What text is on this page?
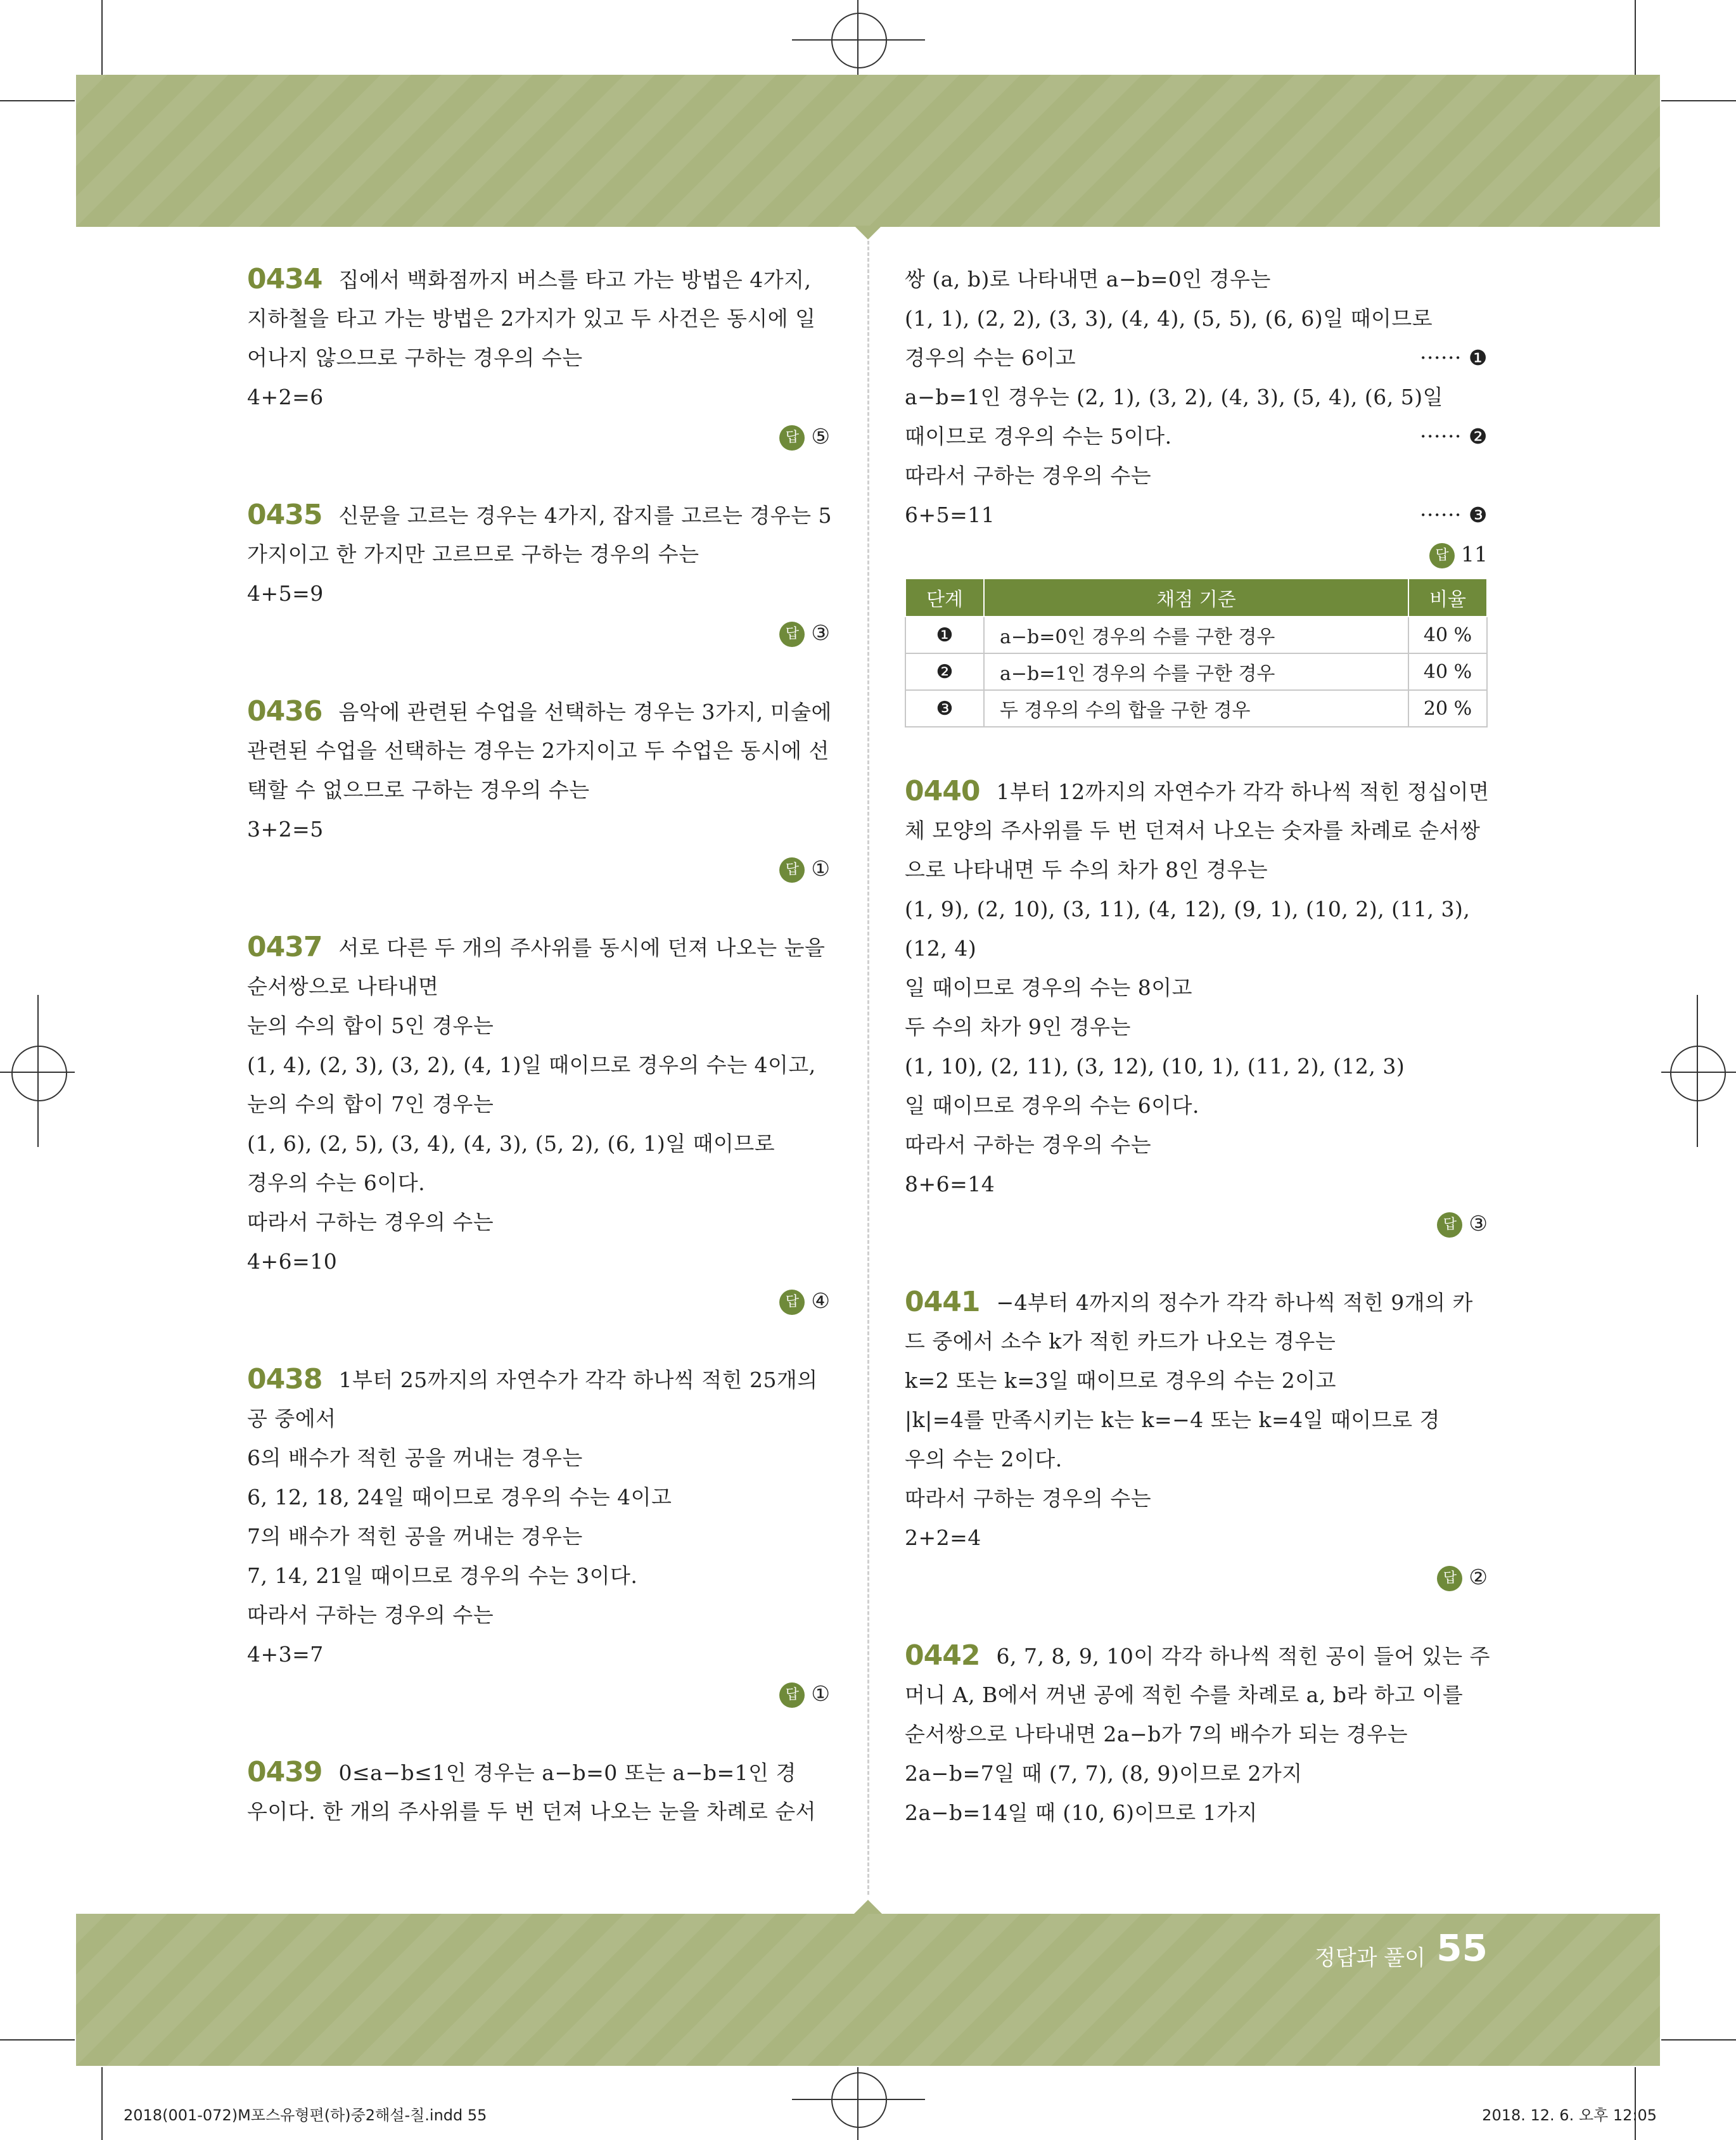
0434 집에서 백화점까지 버스를 타고 가는 방법은 4가지,
지하철을 타고 가는 방법은 2가지가 있고 두 사건은 동시에 일
어나지 않으므로 구하는 경우의 수는
4+2=6
답 ⑤
0435 신문을 고르는 경우는 4가지, 잡지를 고르는 경우는 5
가지이고 한 가지만 고르므로 구하는 경우의 수는
4+5=9
답 ③
0436 음악에 관련된 수업을 선택하는 경우는 3가지, 미술에
관련된 수업을 선택하는 경우는 2가지이고 두 수업은 동시에 선
택할 수 없으므로 구하는 경우의 수는
3+2=5
답 ①
0437 서로 다른 두 개의 주사위를 동시에 던져 나오는 눈을
순서쌍으로 나타내면
눈의 수의 합이 5인 경우는
(1, 4), (2, 3), (3, 2), (4, 1)일 때이므로 경우의 수는 4이고,
눈의 수의 합이 7인 경우는
(1, 6), (2, 5), (3, 4), (4, 3), (5, 2), (6, 1)일 때이므로
경우의 수는 6이다.
따라서 구하는 경우의 수는
4+6=10
답 ④
0438 1부터 25까지의 자연수가 각각 하나씩 적힌 25개의
공 중에서
6의 배수가 적힌 공을 꺼내는 경우는
6, 12, 18, 24일 때이므로 경우의 수는 4이고
7의 배수가 적힌 공을 꺼내는 경우는
7, 14, 21일 때이므로 경우의 수는 3이다.
따라서 구하는 경우의 수는
4+3=7
답 ①
0439 0≤a−b≤1인 경우는 a−b=0 또는 a−b=1인 경
우이다. 한 개의 주사위를 두 번 던져 나오는 눈을 차례로 순서
쌍 (a, b)로 나타내면 a−b=0인 경우는
(1, 1), (2, 2), (3, 3), (4, 4), (5, 5), (6, 6)일 때이므로
경우의 수는 6이고	······ ❶
a−b=1인 경우는 (2, 1), (3, 2), (4, 3), (5, 4), (6, 5)일
때이므로 경우의 수는 5이다.	······ ❷
따라서 구하는 경우의 수는
6+5=11	······ ❸
답 11
단계	채점 기준	비율
❶	a−b=0인 경우의 수를 구한 경우	40 %
❷	a−b=1인 경우의 수를 구한 경우	40 %
❸	두 경우의 수의 합을 구한 경우	20 %
0440 1부터 12까지의 자연수가 각각 하나씩 적힌 정십이면
체 모양의 주사위를 두 번 던져서 나오는 숫자를 차례로 순서쌍
으로 나타내면 두 수의 차가 8인 경우는
(1, 9), (2, 10), (3, 11), (4, 12), (9, 1), (10, 2), (11, 3),
(12, 4)
일 때이므로 경우의 수는 8이고
두 수의 차가 9인 경우는
(1, 10), (2, 11), (3, 12), (10, 1), (11, 2), (12, 3)
일 때이므로 경우의 수는 6이다.
따라서 구하는 경우의 수는
8+6=14
답 ③
0441 −4부터 4까지의 정수가 각각 하나씩 적힌 9개의 카
드 중에서 소수 k가 적힌 카드가 나오는 경우는
k=2 또는 k=3일 때이므로 경우의 수는 2이고
|k|=4를 만족시키는 k는 k=−4 또는 k=4일 때이므로 경
우의 수는 2이다.
따라서 구하는 경우의 수는
2+2=4
답 ②
0442 6, 7, 8, 9, 10이 각각 하나씩 적힌 공이 들어 있는 주
머니 A, B에서 꺼낸 공에 적힌 수를 차례로 a, b라 하고 이를
순서쌍으로 나타내면 2a−b가 7의 배수가 되는 경우는
2a−b=7일 때 (7, 7), (8, 9)이므로 2가지
2a−b=14일 때 (10, 6)이므로 1가지
정답과 풀이 55
2018(001-072)M포스유형편(하)중2해설-칠.indd 55	2018. 12. 6. 오후 12:05
